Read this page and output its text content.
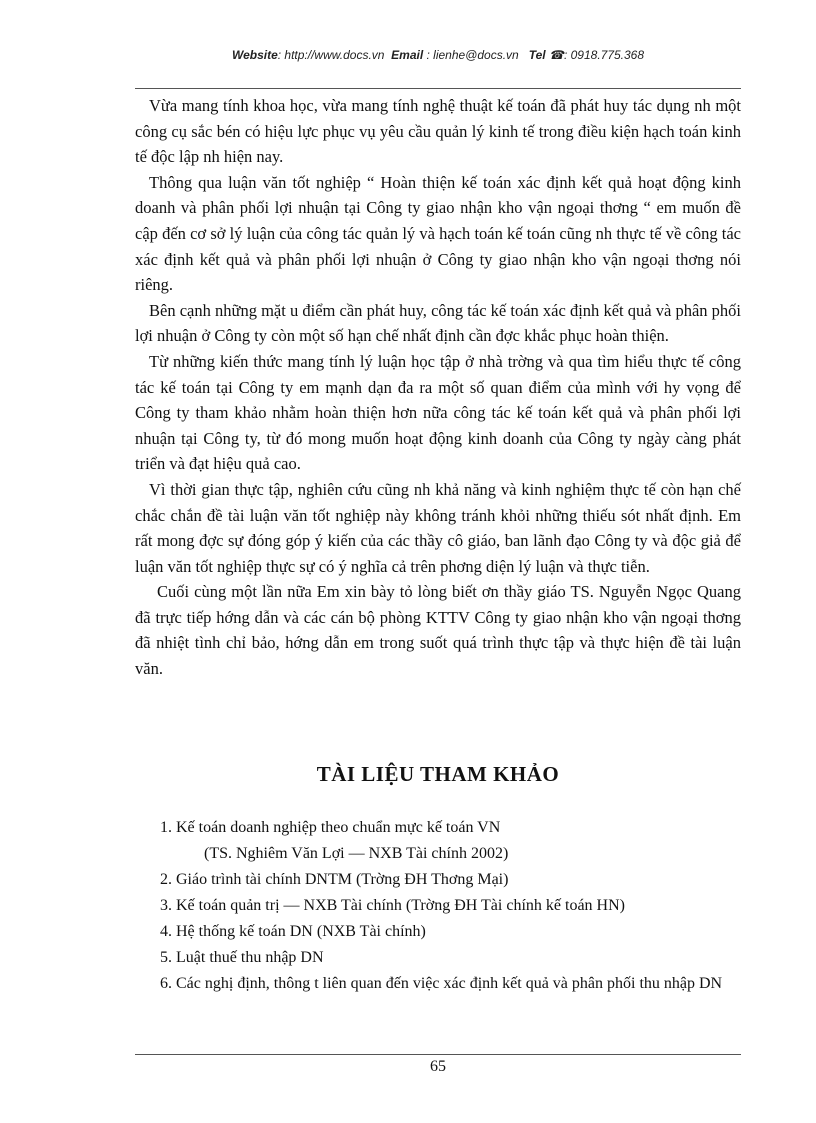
Website: http://www.docs.vn Email : lienhe@docs.vn Tel ☎: 0918.775.368

Vừa mang tính khoa học, vừa mang tính nghệ thuật kế toán đã phát huy tác dụng nh một công cụ sắc bén có hiệu lực phục vụ yêu cầu quản lý kinh tế trong điều kiện hạch toán kinh tế độc lập nh hiện nay.

Thông qua luận văn tốt nghiệp “ Hoàn thiện kế toán xác định kết quả hoạt động kinh doanh và phân phối lợi nhuận tại Công ty giao nhận kho vận ngoại thơng “ em muốn đề cập đến cơ sở lý luận của công tác quản lý và hạch toán kế toán cũng nh thực tế về công tác xác định kết quả và phân phối lợi nhuận ở Công ty giao nhận kho vận ngoại thơng nói riêng.

Bên cạnh những mặt u điểm cần phát huy, công tác kế toán xác định kết quả và phân phối lợi nhuận ở Công ty còn một số hạn chế nhất định cần đợc khắc phục hoàn thiện.

Từ những kiến thức mang tính lý luận học tập ở nhà trờng và qua tìm hiểu thực tế công tác kế toán tại Công ty em mạnh dạn đa ra một số quan điểm của mình với hy vọng để Công ty tham khảo nhằm hoàn thiện hơn nữa công tác kế toán kết quả và phân phối lợi nhuận tại Công ty, từ đó mong muốn hoạt động kinh doanh của Công ty ngày càng phát triển và đạt hiệu quả cao.

Vì thời gian thực tập, nghiên cứu cũng nh khả năng và kinh nghiệm thực tế còn hạn chế chắc chắn đề tài luận văn tốt nghiệp này không tránh khỏi những thiếu sót nhất định. Em rất mong đợc sự đóng góp ý kiến của các thầy cô giáo, ban lãnh đạo Công ty và độc giả để luận văn tốt nghiệp thực sự có ý nghĩa cả trên phơng diện lý luận và thực tiễn.

Cuối cùng một lần nữa Em xin bày tỏ lòng biết ơn thầy giáo TS. Nguyễn Ngọc Quang đã trực tiếp hớng dẫn và các cán bộ phòng KTTV Công ty giao nhận kho vận ngoại thơng đã nhiệt tình chỉ bảo, hớng dẫn em trong suốt quá trình thực tập và thực hiện đề tài luận văn.

TÀI LIỆU THAM KHẢO
1. Kế toán doanh nghiệp theo chuẩn mực kế toán VN
(TS. Nghiêm Văn Lợi — NXB Tài chính 2002)
2. Giáo trình tài chính DNTM (Trờng ĐH Thơng Mại)
3. Kế toán quản trị — NXB Tài chính (Trờng ĐH Tài chính kế toán HN)
4. Hệ thống kế toán DN (NXB Tài chính)
5. Luật thuế thu nhập DN
6. Các nghị định, thông t liên quan đến việc xác định kết quả và phân phối thu nhập DN
65
